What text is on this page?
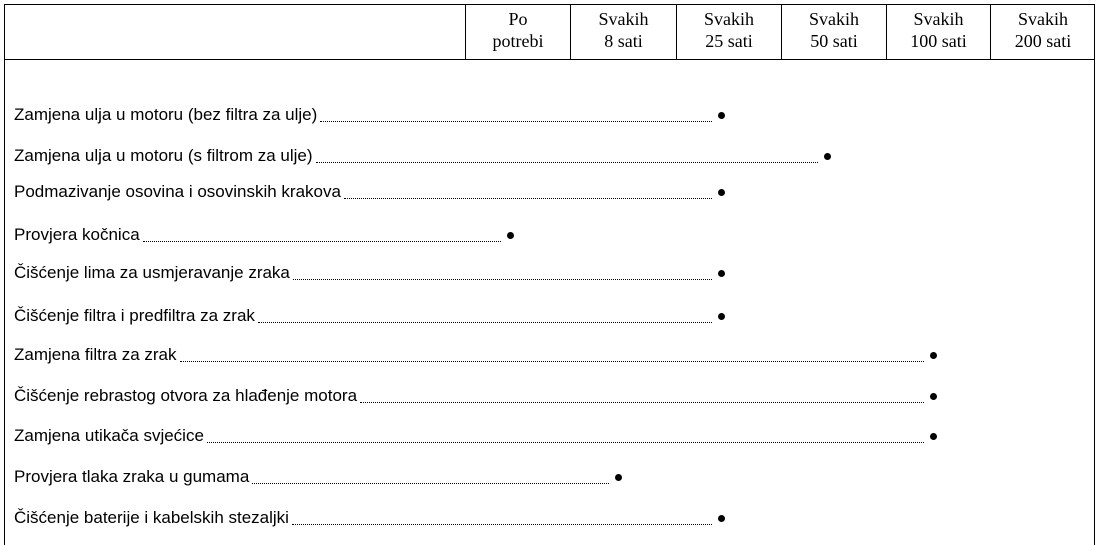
Po
potrebi
Svakih
8 sati
Svakih
25 sati
Svakih
50 sati
Svakih
100 sati
Svakih
200 sati
Zamjena ulja u motoru (bez filtra za ulje)
Zamjena ulja u motoru (s filtrom za ulje)
Podmazivanje osovina i osovinskih krakova
Provjera kočnica
Čišćenje lima za usmjeravanje zraka
Čišćenje filtra i predfiltra za zrak
Zamjena filtra za zrak
Čišćenje rebrastog otvora za hlađenje motora
Zamjena utikača svjećice
Provjera tlaka zraka u gumama
Čišćenje baterije i kabelskih stezaljki
